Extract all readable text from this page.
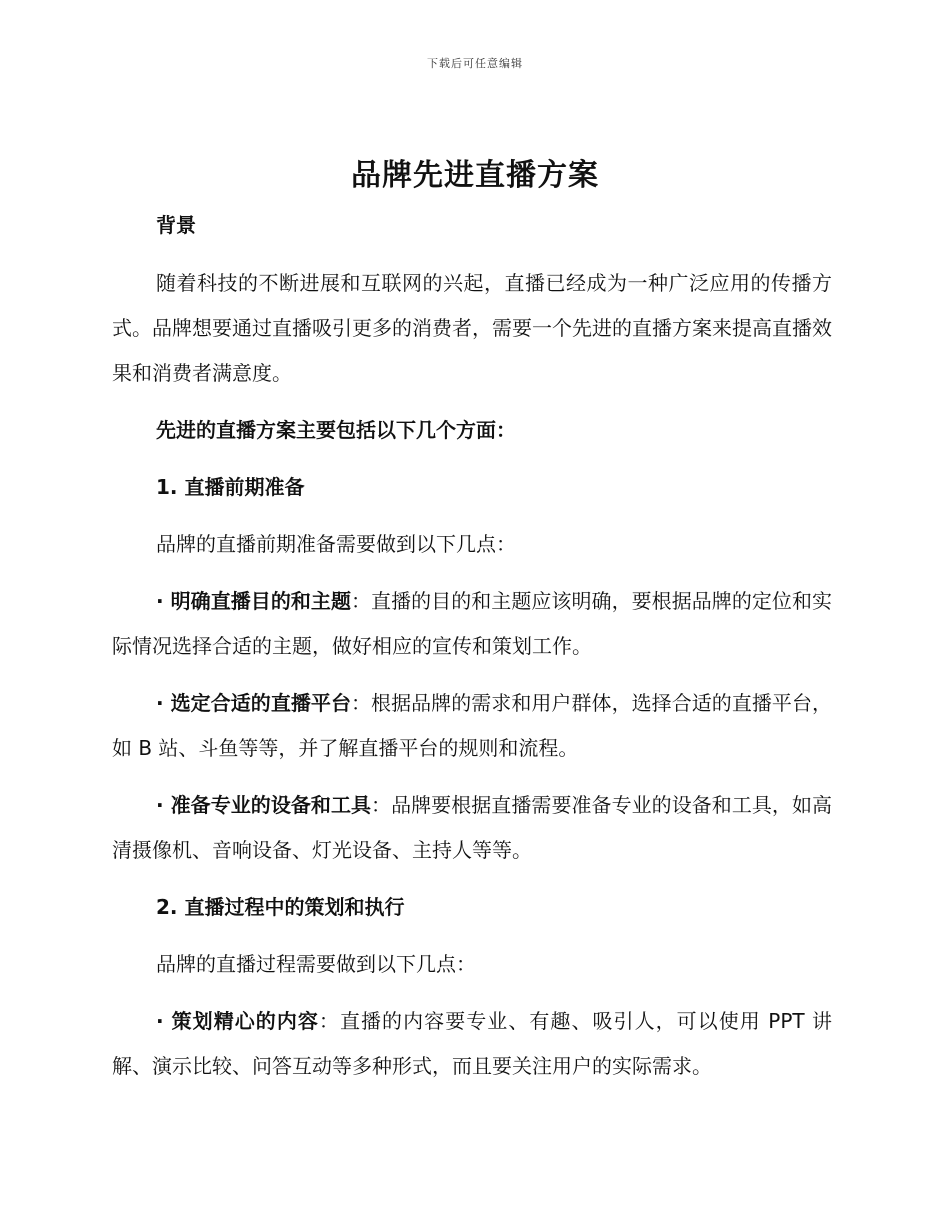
下载后可任意编辑
品牌先进直播方案

背景

随着科技的不断进展和互联网的兴起，直播已经成为一种广泛应用的传播方式。品牌想要通过直播吸引更多的消费者，需要一个先进的直播方案来提高直播效果和消费者满意度。

先进的直播方案主要包括以下几个方面：

1. 直播前期准备

品牌的直播前期准备需要做到以下几点：

· 明确直播目的和主题：直播的目的和主题应该明确，要根据品牌的定位和实际情况选择合适的主题，做好相应的宣传和策划工作。

· 选定合适的直播平台：根据品牌的需求和用户群体，选择合适的直播平台，如 B 站、斗鱼等等，并了解直播平台的规则和流程。

· 准备专业的设备和工具：品牌要根据直播需要准备专业的设备和工具，如高清摄像机、音响设备、灯光设备、主持人等等。

2. 直播过程中的策划和执行

品牌的直播过程需要做到以下几点：

· 策划精心的内容：直播的内容要专业、有趣、吸引人，可以使用 PPT 讲解、演示比较、问答互动等多种形式，而且要关注用户的实际需求。
